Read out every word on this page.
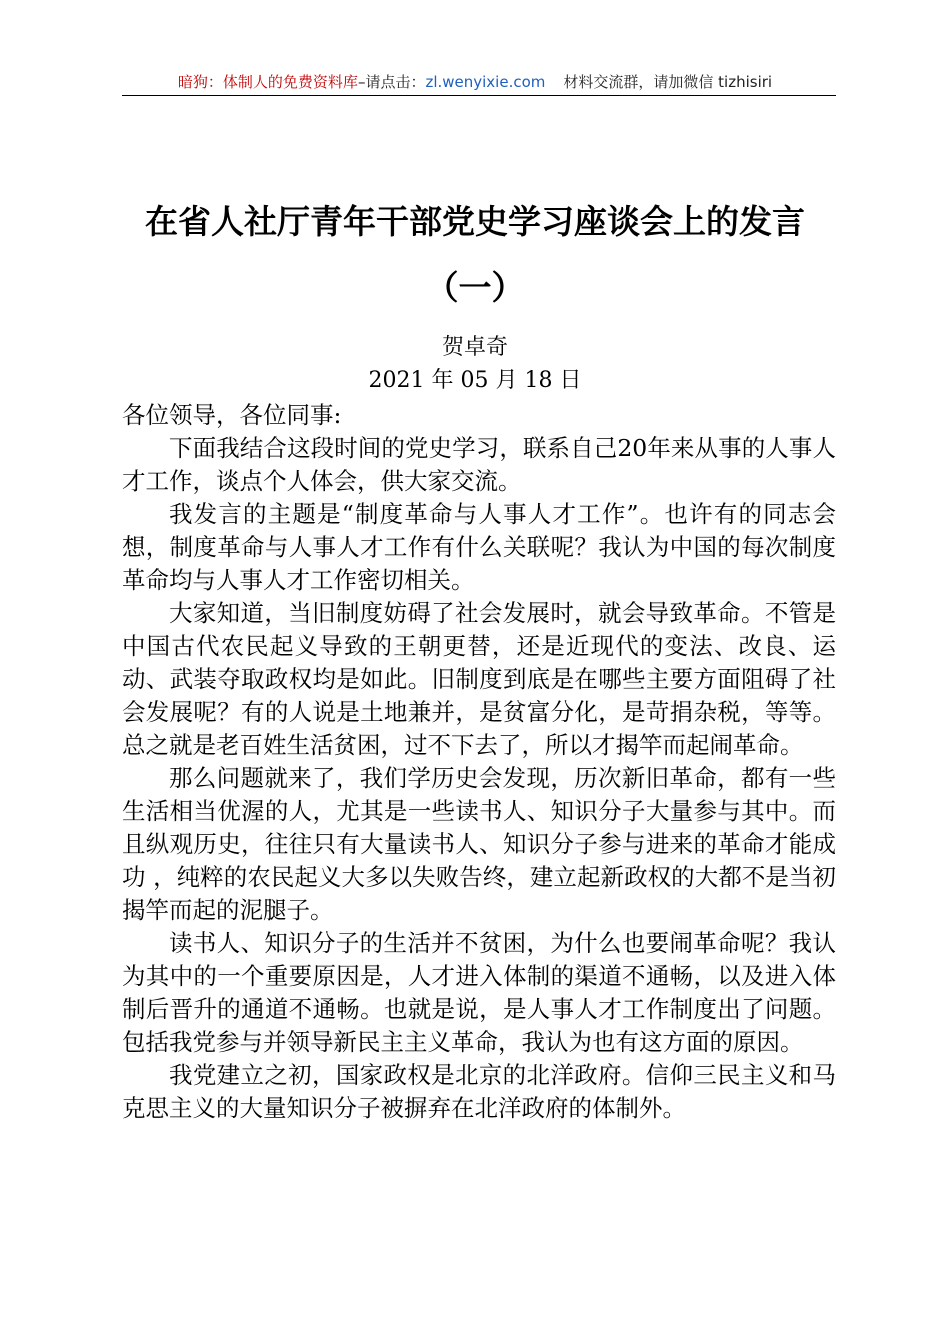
暗狗：体制人的免费资料库–请点击：zl.wenyixie.com 材料交流群，请加微信 tizhisiri
在省人社厅青年干部党史学习座谈会上的发言
（一）
贺卓奇
2021 年 05 月 18 日

各位领导，各位同事:

下面我结合这段时间的党史学习，联系自己20年来从事的人事人才工作，谈点个人体会，供大家交流。

我发言的主题是“制度革命与人事人才工作”。也许有的同志会想，制度革命与人事人才工作有什么关联呢？我认为中国的每次制度革命均与人事人才工作密切相关。

大家知道，当旧制度妨碍了社会发展时，就会导致革命。不管是中国古代农民起义导致的王朝更替，还是近现代的变法、改良、运动、武装夺取政权均是如此。旧制度到底是在哪些主要方面阻碍了社会发展呢？有的人说是土地兼并，是贫富分化，是苛捐杂税，等等。总之就是老百姓生活贫困，过不下去了，所以才揭竿而起闹革命。

那么问题就来了，我们学历史会发现，历次新旧革命，都有一些生活相当优渥的人，尤其是一些读书人、知识分子大量参与其中。而且纵观历史，往往只有大量读书人、知识分子参与进来的革命才能成功 ，纯粹的农民起义大多以失败告终，建立起新政权的大都不是当初揭竿而起的泥腿子。

读书人、知识分子的生活并不贫困，为什么也要闹革命呢？我认为其中的一个重要原因是，人才进入体制的渠道不通畅，以及进入体制后晋升的通道不通畅。也就是说，是人事人才工作制度出了问题。包括我党参与并领导新民主主义革命，我认为也有这方面的原因。

我党建立之初，国家政权是北京的北洋政府。信仰三民主义和马克思主义的大量知识分子被摒弃在北洋政府的体制外。
